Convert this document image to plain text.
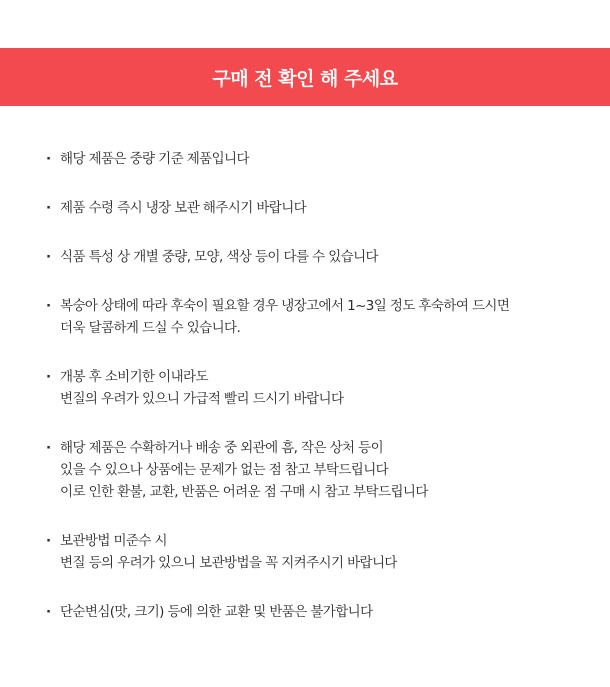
구매 전 확인 해 주세요
· 해당 제품은 중량 기준 제품입니다
· 제품 수령 즉시 냉장 보관 해주시기 바랍니다
· 식품 특성 상 개별 중량, 모양, 색상 등이 다를 수 있습니다
· 복숭아 상태에 따라 후숙이 필요할 경우 냉장고에서 1~3일 정도 후숙하여 드시면
더욱 달콤하게 드실 수 있습니다.
· 개봉 후 소비기한 이내라도
변질의 우려가 있으니 가급적 빨리 드시기 바랍니다
· 해당 제품은 수확하거나 배송 중 외관에 흠, 작은 상처 등이
있을 수 있으나 상품에는 문제가 없는 점 참고 부탁드립니다
이로 인한 환불, 교환, 반품은 어려운 점 구매 시 참고 부탁드립니다
· 보관방법 미준수 시
변질 등의 우려가 있으니 보관방법을 꼭 지켜주시기 바랍니다
· 단순변심(맛, 크기) 등에 의한 교환 및 반품은 불가합니다
